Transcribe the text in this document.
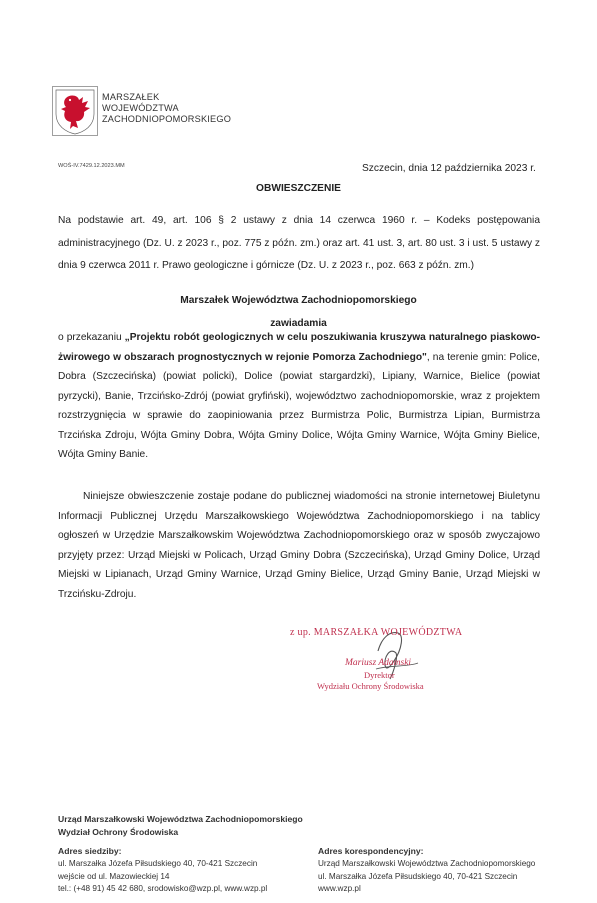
MARSZAŁEK
WOJEWÓDZTWA
ZACHODNIOPOMORSKIEGO
WOŚ-IV.7429.12.2023.MM	Szczecin, dnia 12 października 2023 r.
OBWIESZCZENIE
Na podstawie art. 49, art. 106 § 2 ustawy z dnia 14 czerwca 1960 r. – Kodeks postępowania administracyjnego (Dz. U. z 2023 r., poz. 775 z późn. zm.) oraz art. 41 ust. 3, art. 80 ust. 3 i ust. 5 ustawy z dnia 9 czerwca 2011 r. Prawo geologiczne i górnicze (Dz. U. z 2023 r., poz. 663 z późn. zm.)
Marszałek Województwa Zachodniopomorskiego
zawiadamia
o przekazaniu „Projektu robót geologicznych w celu poszukiwania kruszywa naturalnego piaskowo-żwirowego w obszarach prognostycznych w rejonie Pomorza Zachodniego", na terenie gmin: Police, Dobra (Szczecińska) (powiat policki), Dolice (powiat stargardzki), Lipiany, Warnice, Bielice (powiat pyrzycki), Banie, Trzcińsko-Zdrój (powiat gryfiński), województwo zachodniopomorskie, wraz z projektem rozstrzygnięcia w sprawie do zaopiniowania przez Burmistrza Polic, Burmistrza Lipian, Burmistrza Trzcińska Zdroju, Wójta Gminy Dobra, Wójta Gminy Dolice, Wójta Gminy Warnice, Wójta Gminy Bielice, Wójta Gminy Banie.
Niniejsze obwieszczenie zostaje podane do publicznej wiadomości na stronie internetowej Biuletynu Informacji Publicznej Urzędu Marszałkowskiego Województwa Zachodniopomorskiego i na tablicy ogłoszeń w Urzędzie Marszałkowskim Województwa Zachodniopomorskiego oraz w sposób zwyczajowo przyjęty przez: Urząd Miejski w Policach, Urząd Gminy Dobra (Szczecińska), Urząd Gminy Dolice, Urząd Miejski w Lipianach, Urząd Gminy Warnice, Urząd Gminy Bielice, Urząd Gminy Banie, Urząd Miejski w Trzcińsku-Zdroju.
z up. MARSZAŁKA WOJEWÓDZTWA
Mariusz Adamski
Dyrektor
Wydziału Ochrony Środowiska
Urząd Marszałkowski Województwa Zachodniopomorskiego
Wydział Ochrony Środowiska
Adres siedziby:
ul. Marszałka Józefa Piłsudskiego 40, 70-421 Szczecin
wejście od ul. Mazowieckiej 14
tel.: (+48 91) 45 42 680, srodowisko@wzp.pl, www.wzp.pl
Adres korespondencyjny:
Urząd Marszałkowski Województwa Zachodniopomorskiego
ul. Marszałka Józefa Piłsudskiego 40, 70-421 Szczecin
www.wzp.pl
